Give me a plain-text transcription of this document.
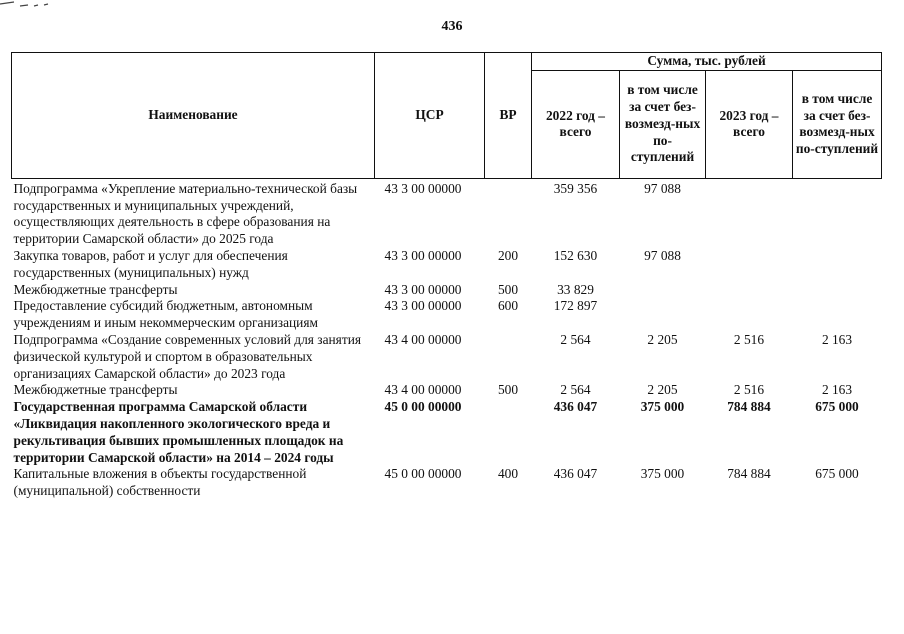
436
Наименование	ЦСР	ВР	Сумма, тыс. рублей			
			2022 год – всего	в том числе за счет без-возмезд-ных по-ступлений	2023 год – всего	в том числе за счет без-возмезд-ных по-ступлений
Подпрограмма «Укрепление материально-технической базы государственных и муниципальных учреждений, осуществляющих деятельность в сфере образования на территории Самарской области» до 2025 года	43 3 00 00000		359 356	97 088		
Закупка товаров, работ и услуг для обеспечения государственных (муниципальных) нужд	43 3 00 00000	200	152 630	97 088		
Межбюджетные трансферты	43 3 00 00000	500	33 829			
Предоставление субсидий бюджетным, автономным учреждениям и иным некоммерческим организациям	43 3 00 00000	600	172 897			
Подпрограмма «Создание современных условий для занятия физической культурой и спортом в образовательных организациях Самарской области» до 2023 года	43 4 00 00000		2 564	2 205	2 516	2 163
Межбюджетные трансферты	43 4 00 00000	500	2 564	2 205	2 516	2 163
Государственная программа Самарской области «Ликвидация накопленного экологического вреда и рекультивация бывших промышленных площадок на территории Самарской области» на 2014 – 2024 годы	45 0 00 00000		436 047	375 000	784 884	675 000
Капитальные вложения в объекты государственной (муниципальной) собственности	45 0 00 00000	400	436 047	375 000	784 884	675 000
